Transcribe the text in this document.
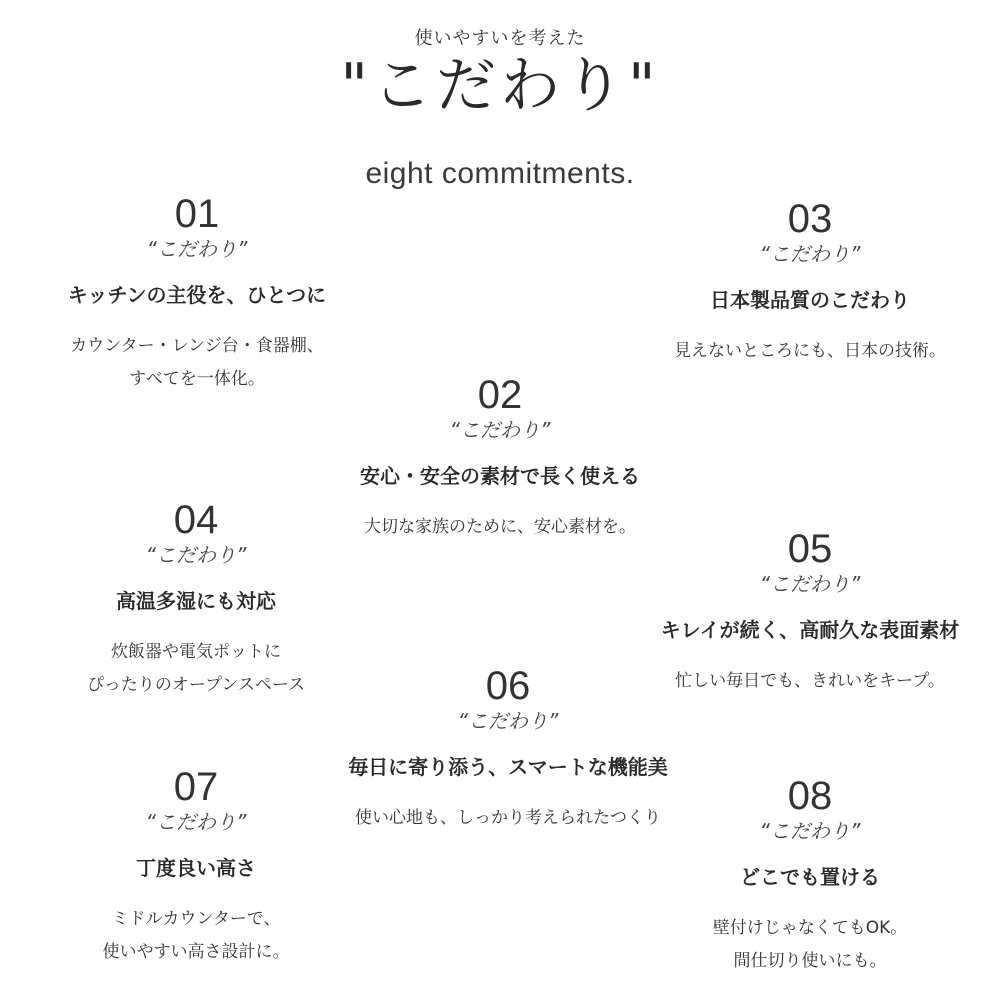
使いやすいを考えた
"こだわり"
eight commitments.
01
“こだわり”
キッチンの主役を、ひとつに
カウンター・レンジ台・食器棚、
すべてを一体化。	02
“こだわり”
安心・安全の素材で長く使える
大切な家族のために、安心素材を。
03
“こだわり”
日本製品質のこだわり
見えないところにも、日本の技術。
04
“こだわり”
高温多湿にも対応
炊飯器や電気ポットに
ぴったりのオープンスペース
05
“こだわり”
キレイが続く、高耐久な表面素材
忙しい毎日でも、きれいをキープ。
06
“こだわり”
毎日に寄り添う、スマートな機能美
使い心地も、しっかり考えられたつくり
07
“こだわり”
丁度良い高さ
ミドルカウンターで、
使いやすい高さ設計に。
08
“こだわり”
どこでも置ける
壁付けじゃなくてもOK。
間仕切り使いにも。
